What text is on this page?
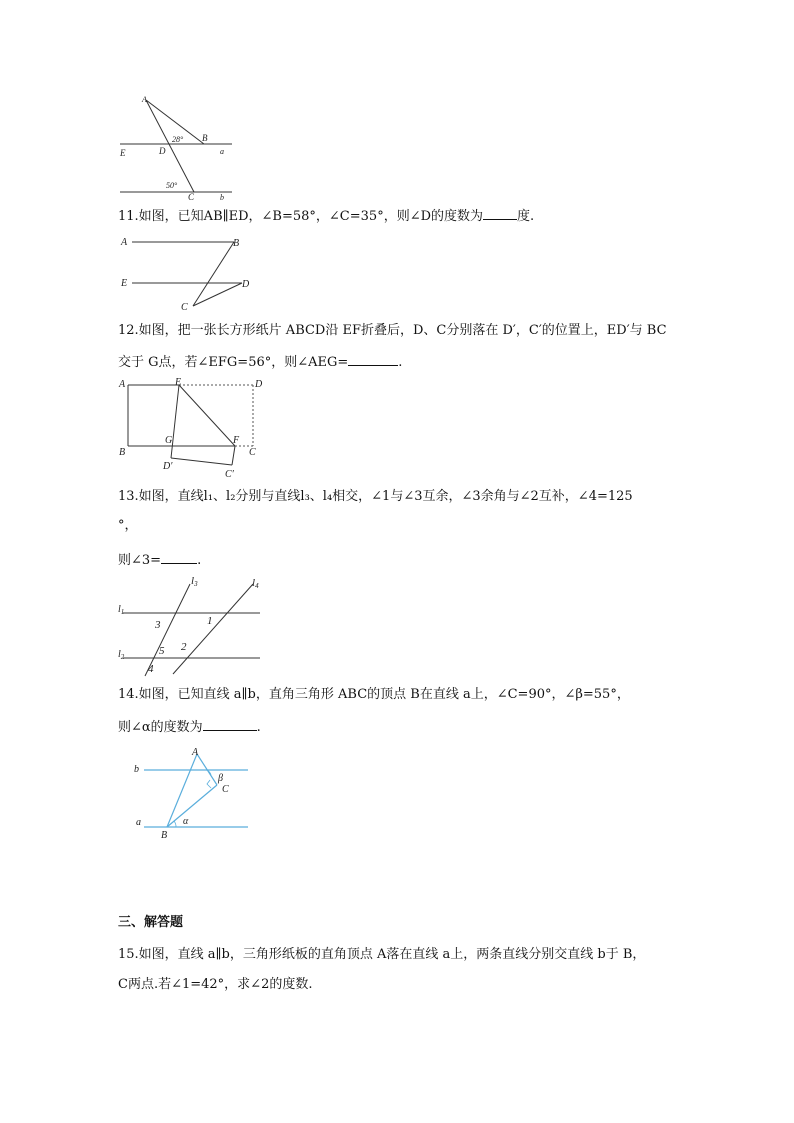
A
B
a
E	D
C	b
28°
50°
11.如图，已知AB∥ED，∠B=58°，∠C=35°，则∠D的度数为	度.
A	B
E	D
C
12.如图，把一张长方形纸片 ABCD沿 EF折叠后，D、C分别落在 D′，C′的位置上，ED′与 BC
交于 G点，若∠EFG=56°，则∠AEG=	.
A	E	D
B
G	F
C
D′
C′
13.如图，直线l₁、l₂分别与直线l₃、l₄相交，∠1与∠3互余，∠3余角与∠2互补，∠4=125
°，
则∠3=	.
$l_1$
$l_2$
l3	l4
1
2
3
4
5
14.如图，已知直线 a∥b，直角三角形 ABC的顶点 B在直线 a上，∠C=90°，∠β=55°，
则∠α的度数为	.
A
b
β
C
a
B
α
三、解答题
15.如图，直线 a∥b，三角形纸板的直角顶点 A落在直线 a上，两条直线分别交直线 b于 B，
C两点.若∠1=42°，求∠2的度数.
